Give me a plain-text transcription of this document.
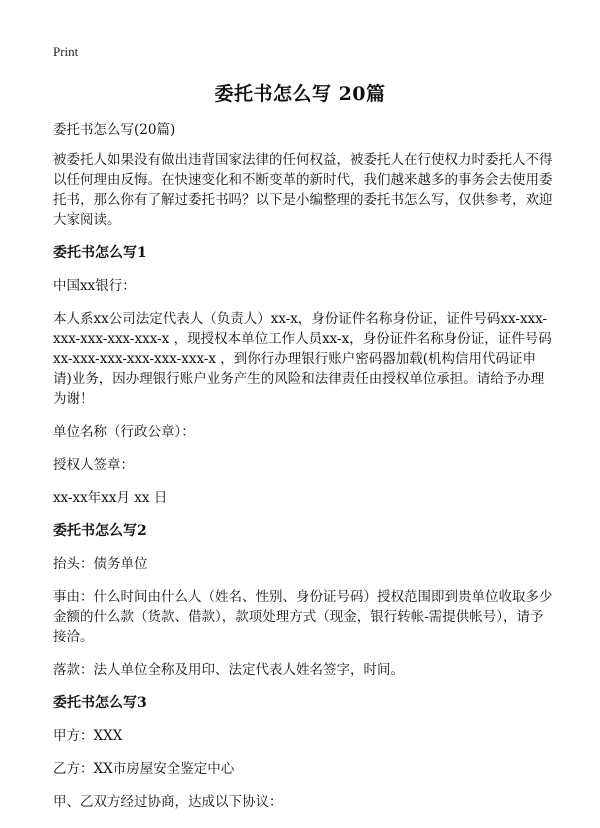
Print
委托书怎么写 20篇

委托书怎么写(20篇)

被委托人如果没有做出违背国家法律的任何权益，被委托人在行使权力时委托人不得以任何理由反悔。在快速变化和不断变革的新时代，我们越来越多的事务会去使用委托书，那么你有了解过委托书吗？以下是小编整理的委托书怎么写，仅供参考，欢迎大家阅读。

委托书怎么写1

中国xx银行：

本人系xx公司法定代表人（负责人）xx-x，身份证件名称身份证，证件号码xx-xxx-xxx-xxx-xxx-xxx-x ，现授权本单位工作人员xx-x，身份证件名称身份证，证件号码xx-xxx-xxx-xxx-xxx-xxx-x ，到你行办理银行账户密码器加载(机构信用代码证申请)业务，因办理银行账户业务产生的风险和法律责任由授权单位承担。请给予办理为谢！

单位名称（行政公章）：

授权人签章：

xx-xx年xx月 xx 日

委托书怎么写2

抬头：债务单位

事由：什么时间由什么人（姓名、性别、身份证号码）授权范围即到贵单位收取多少金额的什么款（货款、借款），款项处理方式（现金，银行转帐-需提供帐号），请予接洽。

落款：法人单位全称及用印、法定代表人姓名签字，时间。

委托书怎么写3

甲方：XXX

乙方：XX市房屋安全鉴定中心

甲、乙双方经过协商，达成以下协议：
